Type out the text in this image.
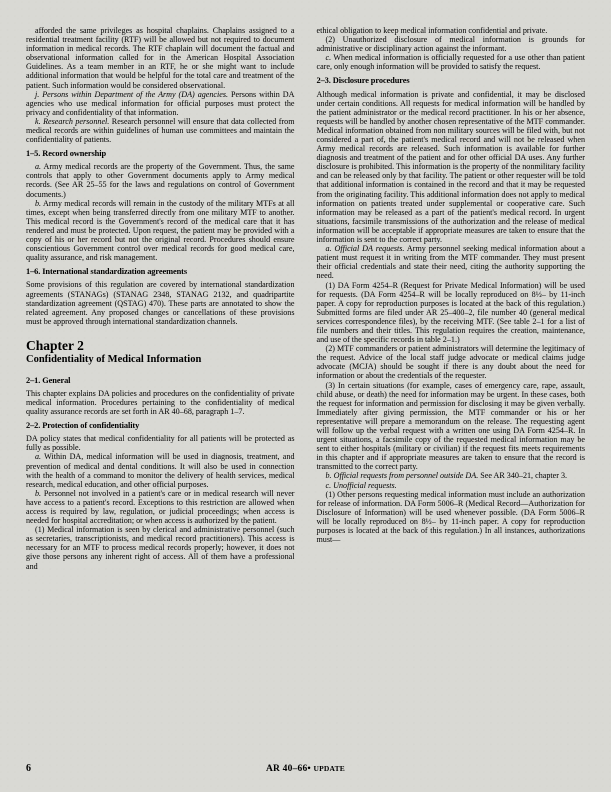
afforded the same privileges as hospital chaplains. Chaplains assigned to a residential treatment facility (RTF) will be allowed but not required to document information in medical records. The RTF chaplain will document the factual and observational information called for in the American Hospital Association Guidelines. As a team member in an RTF, he or she might want to include additional information that would be helpful for the total care and treatment of the patient. Such information would be considered observational.

j. Persons within Department of the Army (DA) agencies. Persons within DA agencies who use medical information for official purposes must protect the privacy and confidentiality of that information.

k. Research personnel. Research personnel will ensure that data collected from medical records are within guidelines of human use committees and maintain the confidentiality of patients.

1–5. Record ownership

a. Army medical records are the property of the Government. Thus, the same controls that apply to other Government documents apply to Army medical records. (See AR 25–55 for the laws and regulations on control of Government documents.)

b. Army medical records will remain in the custody of the military MTFs at all times, except when being transferred directly from one military MTF to another. This medical record is the Government's record of the medical care that it has rendered and must be protected. Upon request, the patient may be provided with a copy of his or her record but not the original record. Procedures should ensure conscientious Government control over medical records for good medical care, quality assurance, and risk management.

1–6. International standardization agreements

Some provisions of this regulation are covered by international standardization agreements (STANAGs) (STANAG 2348, STANAG 2132, and quadripartite standardization agreement (QSTAG) 470). These parts are annotated to show the related agreement. Any proposed changes or cancellations of these provisions must be approved through international standardization channels.

Chapter 2
Confidentiality of Medical Information
2–1. General

This chapter explains DA policies and procedures on the confidentiality of private medical information. Procedures pertaining to the confidentiality of medical quality assurance records are set forth in AR 40–68, paragraph 1–7.

2–2. Protection of confidentiality

DA policy states that medical confidentiality for all patients will be protected as fully as possible.

a. Within DA, medical information will be used in diagnosis, treatment, and prevention of medical and dental conditions. It will also be used in connection with the health of a command to monitor the delivery of health services, medical research, medical education, and other official purposes.

b. Personnel not involved in a patient's care or in medical research will never have access to a patient's record. Exceptions to this restriction are allowed when access is required by law, regulation, or judicial proceedings; when access is needed for hospital accreditation; or when access is authorized by the patient.

(1) Medical information is seen by clerical and administrative personnel (such as secretaries, transcriptionists, and medical record practitioners). This access is necessary for an MTF to process medical records properly; however, it does not give those persons any inherent right of access. All of them have a professional and

ethical obligation to keep medical information confidential and private.

(2) Unauthorized disclosure of medical information is grounds for administrative or disciplinary action against the informant.

c. When medical information is officially requested for a use other than patient care, only enough information will be provided to satisfy the request.

2–3. Disclosure procedures

Although medical information is private and confidential, it may be disclosed under certain conditions. All requests for medical information will be handled by the patient administrator or the medical record practitioner. In his or her absence, requests will be handled by another chosen representative of the MTF commander. Medical information obtained from non military sources will be filed with, but not considered a part of, the patient's medical record and will not be released when Army medical records are released. Such information is available for further diagnosis and treatment of the patient and for other official DA uses. Any further disclosure is prohibited. This information is the property of the nonmilitary facility and can be released only by that facility. The patient or other requester will be told that additional information is contained in the record and that it may be requested from the originating facility. This additional information does not apply to medical information on patients treated under supplemental or cooperative care. Such information may be released as a part of the patient's medical record. In urgent situations, facsimile transmissions of the authorization and the release of medical information will be acceptable if appropriate measures are taken to ensure that the information is sent to the correct party.

a. Official DA requests. Army personnel seeking medical information about a patient must request it in writing from the MTF commander. They must present their official credentials and state their need, citing the authority supporting the need.

(1) DA Form 4254–R (Request for Private Medical Information) will be used for requests. (DA Form 4254–R will be locally reproduced on 8½– by 11-inch paper. A copy for reproduction purposes is located at the back of this regulation.) Submitted forms are filed under AR 25–400–2, file number 40 (general medical services correspondence files), by the receiving MTF. (See table 2–1 for a list of file numbers and their titles. This regulation requires the creation, maintenance, and use of the specific records in table 2–1.)

(2) MTF commanders or patient administrators will determine the legitimacy of the request. Advice of the local staff judge advocate or medical claims judge advocate (MCJA) should be sought if there is any doubt about the need for information or about the credentials of the requester.

(3) In certain situations (for example, cases of emergency care, rape, assault, child abuse, or death) the need for information may be urgent. In these cases, both the request for information and permission for disclosing it may be given verbally. Immediately after giving permission, the MTF commander or his or her representative will prepare a memorandum on the release. The requesting agent will follow up the verbal request with a written one using DA Form 4254–R. In urgent situations, a facsimile copy of the requested medical information may be sent to either hospitals (military or civilian) if the request fits meets requirements in this chapter and if appropriate measures are taken to ensure that the record is transmitted to the correct party.

b. Official requests from personnel outside DA. See AR 340–21, chapter 3.

c. Unofficial requests.

(1) Other persons requesting medical information must include an authorization for release of information. DA Form 5006–R (Medical Record—Authorization for Disclosure of Information) will be used whenever possible. (DA Form 5006–R will be locally reproduced on 8½– by 11-inch paper. A copy for reproduction purposes is located at the back of this regulation.) In all instances, authorizations must—

6	AR 40–66• UPDATE
